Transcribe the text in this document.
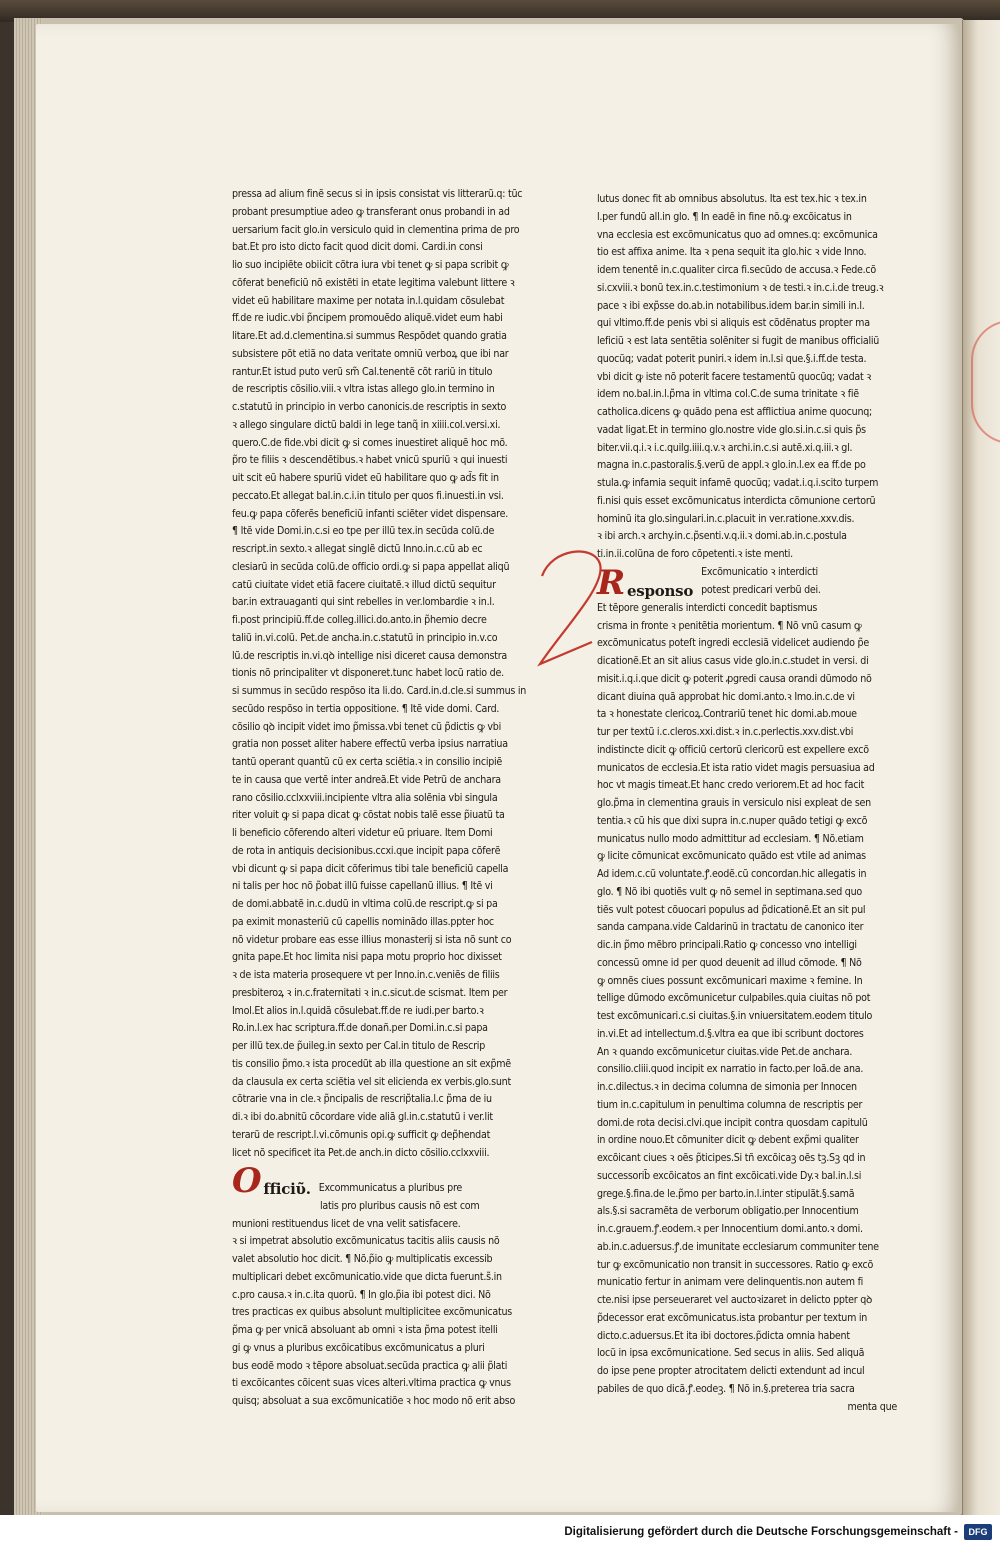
pressa ad alium finẽ secus si in ipsis consistat vis litterarũ.q: tũc
probant presumptiue adeo ꝙ transferant onus probandi in ad
uersarium facit glo.in versiculo quid in clementina prima de pro
bat.Et pro isto dicto facit quod dicit domi. Cardi.in consi
lio suo incipiẽte obiicit cõtra iura vbi tenet ꝙ si papa scribit ꝙ
cõferat beneficiũ nõ existẽti in etate legitima valebunt littere ꝛ
videt eũ habilitare maxime per notata in.l.quidam cõsulebat
ff.de re iudic.vbi p̃ncipem promouẽdo aliquẽ.videt eum habi
litare.Et ad.d.clementina.si summus Respõdet quando gratia
subsistere põt etiã no data veritate omniũ verboꝝ que ibi nar
rantur.Et istud puto verũ sm̃ Cal.tenentẽ cõt rariũ in titulo
de rescriptis cõsilio.viii.ꝛ vltra istas allego glo.in termino in
c.statutũ in principio in verbo canonicis.de rescriptis in sexto
ꝛ allego singulare dictũ baldi in lege tanq̃ in xiiii.col.versi.xi.
quero.C.de fide.vbi dicit ꝙ si comes inuestiret aliquẽ hoc mõ.
p̃ro te filiis ꝛ descendẽtibus.ꝛ habet vnicũ spuriũ ꝛ qui inuesti
uit scit eũ habere spuriũ videt eũ habilitare quo ꝙ ad̃s fit in
peccato.Et allegat bal.in.c.i.in titulo per quos fi.inuesti.in vsi.
feu.ꝙ papa cõferẽs beneficiũ infanti sciẽter videt dispensare.
¶ Itẽ vide Domi.in.c.si eo tpe per illũ tex.in secũda colũ.de
rescript.in sexto.ꝛ allegat singlẽ dictũ Inno.in.c.cũ ab ec
clesiarũ in secũda colũ.de officio ordi.ꝙ si papa appellat aliqũ
catũ ciuitate videt etiã facere ciuitatẽ.ꝛ illud dictũ sequitur
bar.in extrauaganti qui sint rebelles in ver.lombardie ꝛ in.l.
fi.post principiũ.ff.de colleg.illici.do.anto.in p̃hemio decre
taliũ in.vi.colũ. Pet.de ancha.in.c.statutũ in principio in.v.co
lũ.de rescriptis in.vi.qꝺ intellige nisi diceret causa demonstra
tionis nõ principaliter vt disponeret.tunc habet locũ ratio de.
si summus in secũdo respõso ita li.do. Card.in.d.cle.si summus in
secũdo respõso in tertia oppositione. ¶ Itẽ vide domi. Card.
cõsilio qꝺ incipit videt imo p̃missa.vbi tenet cũ p̃dictis ꝙ vbi
gratia non posset aliter habere effectũ verba ipsius narratiua
tantũ operant quantũ cũ ex certa sciẽtia.ꝛ in consilio incipiẽ
te in causa que vertẽ inter andreã.Et vide Petrũ de anchara
rano cõsilio.cclxxviii.incipiente vltra alia solẽnia vbi singula
riter voluit ꝙ si papa dicat ꝙ cõstat nobis talẽ esse p̃iuatũ ta
li beneficio cõferendo alteri videtur eũ priuare. Item Domi
de rota in antiquis decisionibus.ccxi.que incipit papa cõferẽ
vbi dicunt ꝙ si papa dicit cõferimus tibi tale beneficiũ capella
ni talis per hoc nõ p̃obat illũ fuisse capellanũ illius. ¶ Itẽ vi
de domi.abbatẽ in.c.dudũ in vltima colũ.de rescript.ꝙ si pa
pa eximit monasteriũ cũ capellis nominãdo illas.ppter hoc
nõ videtur probare eas esse illius monasterij si ista nõ sunt co
gnita pape.Et hoc limita nisi papa motu proprio hoc dixisset
ꝛ de ista materia prosequere vt per Inno.in.c.veniẽs de filiis
presbiteroꝝ ꝛ in.c.fraternitati ꝛ in.c.sicut.de scismat. Item per
Imol.Et alios in.l.quidã cõsulebat.ff.de re iudi.per barto.ꝛ
Ro.in.l.ex hac scriptura.ff.de donañ.per Domi.in.c.si papa
per illũ tex.de p̃uileg.in sexto per Cal.in titulo de Rescrip
tis consilio p̃mo.ꝛ ista procedũt ab illa questione an sit exp̃mẽ
da clausula ex certa sciẽtia vel sit elicienda ex verbis.glo.sunt
cõtrarie vna in cle.ꝛ p̃ncipalis de rescrip̃talia.l.c p̃ma de iu
di.ꝛ ibi do.abnitũ cõcordare vide aliã gl.in.c.statutũ i ver.lit
terarũ de rescript.l.vi.cõmunis opi.ꝙ sufficit ꝙ dep̃hendat
licet nõ specificet ita Pet.de anch.in dicto cõsilio.cclxxviii.
O fficiῦ. Excommunicatus a pluribus pre
latis pro pluribus causis nõ est com
munioni restituendus licet de vna velit satisfacere.
ꝛ si impetrat absolutio excõmunicatus tacitis aliis causis nõ
valet absolutio hoc dicit. ¶ Nõ.p̃io ꝙ multiplicatis excessib
multiplicari debet excõmunicatio.vide que dicta fuerunt.s̃.in
c.pro causa.ꝛ in.c.ita quorũ. ¶ In glo.p̃ia ibi potest dici. Nõ
tres practicas ex quibus absolunt multiplicitee excõmunicatus
p̃ma ꝙ per vnicã absoluant ab omni ꝛ ista p̃ma potest itelli
gi ꝙ vnus a pluribus excõicatibus excõmunicatus a pluri
bus eodẽ modo ꝛ tẽpore absoluat.secũda practica ꝙ alii p̃lati
ti excõicantes cõicent suas vices alteri.vltima practica ꝙ vnus
quisq; absoluat a sua excõmunicatiõe ꝛ hoc modo nõ erit abso
lutus donec fit ab omnibus absolutus. Ita est tex.hic ꝛ tex.in
l.per fundũ all.in glo. ¶ In eadẽ in fine nõ.ꝙ excõicatus in
vna ecclesia est excõmunicatus quo ad omnes.q: excõmunica
tio est affixa anime. Ita ꝛ pena sequit ita glo.hic ꝛ vide Inno.
idem tenentẽ in.c.qualiter circa fi.secũdo de accusa.ꝛ Fede.cõ
si.cxviii.ꝛ bonũ tex.in.c.testimonium ꝛ de testi.ꝛ in.c.i.de treug.ꝛ
pace ꝛ ibi exp̃sse do.ab.in notabilibus.idem bar.in simili in.l.
qui vltimo.ff.de penis vbi si aliquis est cõdẽnatus propter ma
leficiũ ꝛ est lata sentẽtia solẽniter si fugit de manibus officialiũ
quocũq; vadat poterit puniri.ꝛ idem in.l.si que.§.i.ff.de testa.
vbi dicit ꝙ iste nõ poterit facere testamentũ quocũq; vadat ꝛ
idem no.bal.in.l.p̃ma in vltima col.C.de suma trinitate ꝛ fiẽ
catholica.dicens ꝙ quãdo pena est afflictiua anime quocunq;
vadat ligat.Et in termino glo.nostre vide glo.si.in.c.si quis p̃s
biter.vii.q.i.ꝛ i.c.quilg.iiii.q.v.ꝛ archi.in.c.si autẽ.xi.q.iii.ꝛ gl.
magna in.c.pastoralis.§.verũ de appl.ꝛ glo.in.l.ex ea ff.de po
stula.ꝙ infamia sequit infamẽ quocũq; vadat.i.q.i.scito turpem
fi.nisi quis esset excõmunicatus interdicta cõmunione certorũ
hominũ ita glo.singulari.in.c.placuit in ver.ratione.xxv.dis.
ꝛ ibi arch.ꝛ archy.in.c.p̃senti.v.q.ii.ꝛ domi.ab.in.c.postula
ti.in.ii.colũna de foro cõpetenti.ꝛ iste menti.
R esponso
Excõmunicatio ꝛ interdicti
potest predicari verbũ dei.
Et tẽpore generalis interdicti concedit baptismus
crisma in fronte ꝛ penitẽtia morientum. ¶ Nõ vnũ casum ꝙ
excõmunicatus poteſt ingredi ecclesiã videlicet audiendo p̃e
dicationẽ.Et an sit alius casus vide glo.in.c.studet in versi. di
misit.i.q.i.que dicit ꝙ poterit ꝓgredi causa orandi dũmodo nõ
dicant diuina quã approbat hic domi.anto.ꝛ Imo.in.c.de vi
ta ꝛ honestate clericoꝝ.Contrariũ tenet hic domi.ab.moue
tur per textũ i.c.cleros.xxi.dist.ꝛ in.c.perlectis.xxv.dist.vbi
indistincte dicit ꝙ officiũ certorũ clericorũ est expellere excõ
municatos de ecclesia.Et ista ratio videt magis persuasiua ad
hoc vt magis timeat.Et hanc credo veriorem.Et ad hoc facit
glo.p̃ma in clementina grauis in versiculo nisi expleat de sen
tentia.ꝛ cũ his que dixi supra in.c.nuper quãdo tetigi ꝙ excõ
municatus nullo modo admittitur ad ecclesiam. ¶ Nõ.etiam
ꝙ licite cõmunicat excõmunicato quãdo est vtile ad animas
Ad idem.c.cũ voluntate.ꝭ.eodẽ.cũ concordan.hic allegatis in
glo. ¶ Nõ ibi quotiẽs vult ꝙ nõ semel in septimana.sed quo
tiẽs vult potest cõuocari populus ad p̃dicationẽ.Et an sit pul
sanda campana.vide Caldarinũ in tractatu de canonico iter
dic.in p̃mo mẽbro principali.Ratio ꝙ concesso vno intelligi
concessũ omne id per quod deuenit ad illud cõmode. ¶ Nõ
ꝙ omnẽs ciues possunt excõmunicari maxime ꝛ femine. In
tellige dũmodo excõmunicetur culpabiles.quia ciuitas nõ pot
test excõmunicari.c.si ciuitas.§.in vniuersitatem.eodem titulo
in.vi.Et ad intellectum.d.§.vltra ea que ibi scribunt doctores
An ꝛ quando excõmunicetur ciuitas.vide Pet.de anchara.
consilio.cliii.quod incipit ex narratio in facto.per Ioã.de ana.
in.c.dilectus.ꝛ in decima columna de simonia per Innocen
tium in.c.capitulum in penultima columna de rescriptis per
domi.de rota decisi.clvi.que incipit contra quosdam capitulũ
in ordine nouo.Et cõmuniter dicit ꝙ debent exp̃mi qualiter
excõicant ciues ꝛ oẽs p̃ticipes.Si tñ excõicaꝫ oẽs tꝫ.Sꝫ qd in
successorib̃ excõicatos an fint excõicati.vide Dy.ꝛ bal.in.l.si
grege.§.fina.de le.p̃mo per barto.in.l.inter stipulãt.§.samã
als.§.si sacramẽta de verborum obligatio.per Innocentium
in.c.grauem.ꝭ.eodem.ꝛ per Innocentium domi.anto.ꝛ domi.
ab.in.c.aduersus.ꝭ.de imunitate ecclesiarum communiter tene
tur ꝙ excõmunicatio non transit in successores. Ratio ꝙ excõ
municatio fertur in animam vere delinquentis.non autem fi
cte.nisi ipse perseueraret vel auctoꝛizaret in delicto ppter qꝺ
p̃decessor erat excõmunicatus.ista probantur per textum in
dicto.c.aduersus.Et ita ibi doctores.p̃dicta omnia habent
locũ in ipsa excõmunicatione. Sed secus in aliis. Sed aliquã
do ipse pene propter atrocitatem delicti extendunt ad incul
pabiles de quo dicã.ꝭ.eodeꝫ. ¶ Nõ in.§.preterea tria sacra
menta que
Digitalisierung gefördert durch die Deutsche Forschungsgemeinschaft -	DFG
